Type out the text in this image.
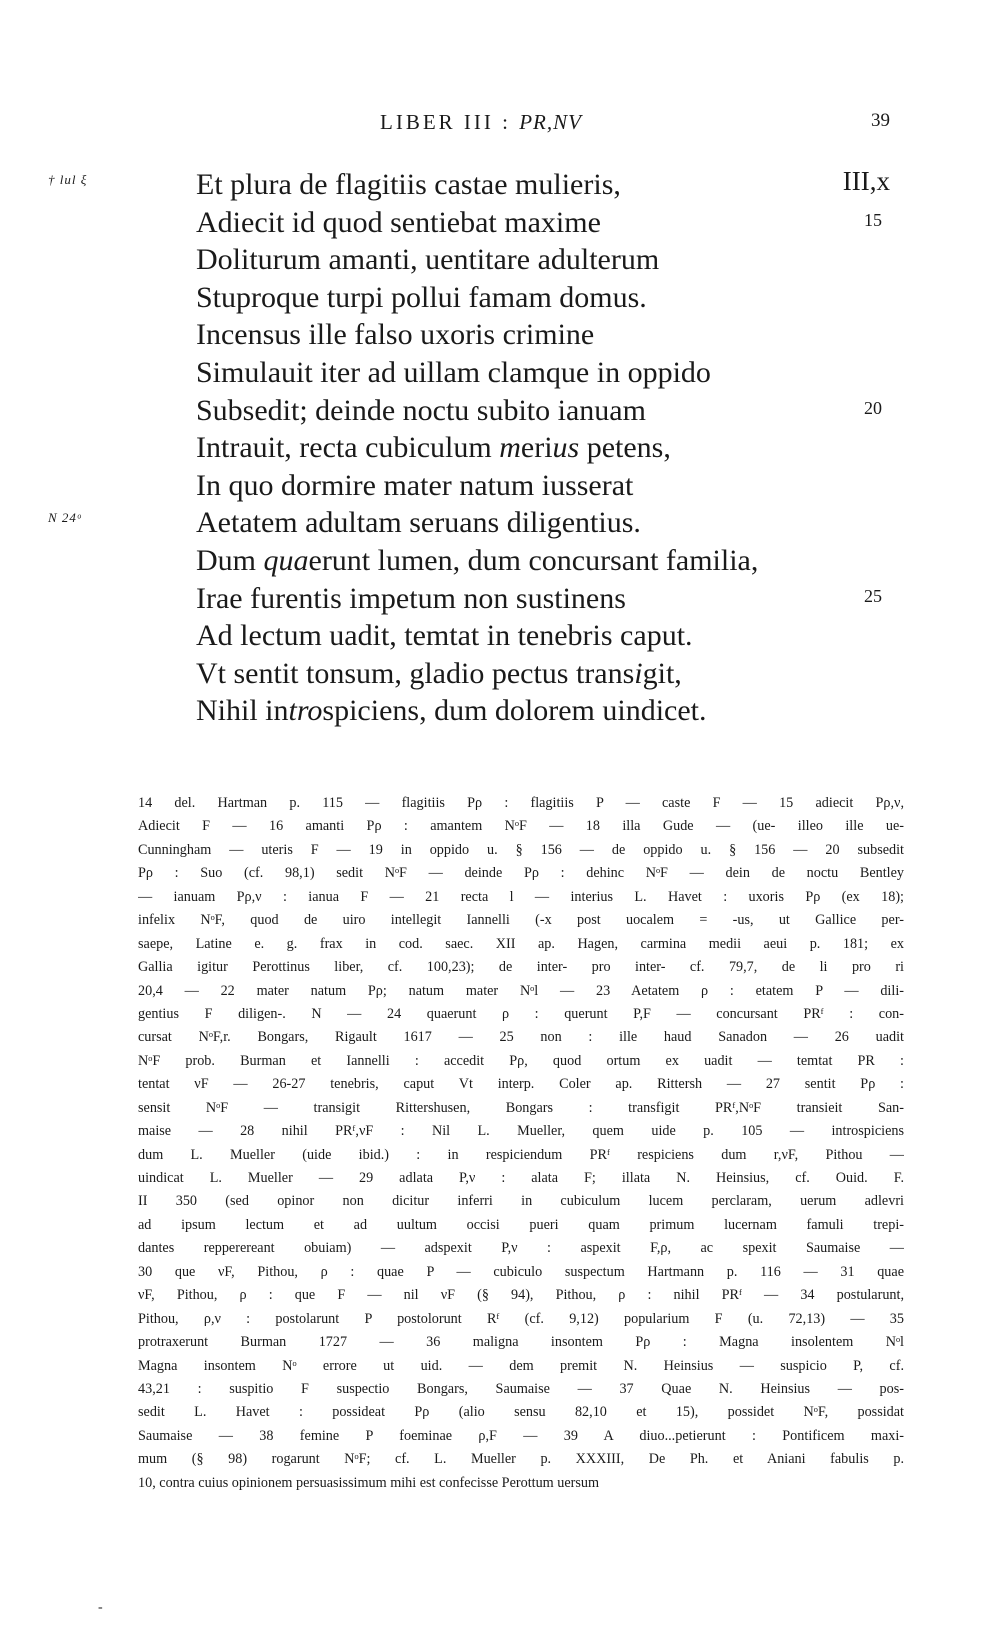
LIBER III : PR,NV	39
† lul ξ	Et plura de flagitiis castae mulieris,	III,x
Adiecit id quod sentiebat maxime	15
Doliturum amanti, uentitare adulterum
Stuproque turpi pollui famam domus.
Incensus ille falso uxoris crimine
Simulauit iter ad uillam clamque in oppido
Subsedit; deinde noctu subito ianuam	20
Intrauit, recta cubiculum merius petens,
In quo dormire mater natum iusserat
N 24ᵒ	Aetatem adultam seruans diligentius.
Dum quaerunt lumen, dum concursant familia,
Irae furentis impetum non sustinens	25
Ad lectum uadit, temtat in tenebris caput.
Vt sentit tonsum, gladio pectus transigit,
Nihil introspiciens, dum dolorem uindicet.
14 del. Hartman p. 115 — flagitiis Pρ : flagitiis P — caste F — 15 adiecit Pρ,ν,
Adiecit F — 16 amanti Pρ : amantem NᵒF — 18 illa Gude — (ue- illeo ille ue-
Cunningham — uteris F — 19 in oppido u. § 156 — de oppido u. § 156 — 20 subsedit
Pρ : Suo (cf. 98,1) sedit NᵒF — deinde Pρ : dehinc NᵒF — dein de noctu Bentley
— ianuam Pρ,ν : ianua F — 21 recta l — interius L. Havet : uxoris Pρ (ex 18);
infelix NᵒF, quod de uiro intellegit Iannelli (-x post uocalem = -us, ut Gallice per-
saepe, Latine e. g. frax in cod. saec. XII ap. Hagen, carmina medii aeui p. 181; ex
Gallia igitur Perottinus liber, cf. 100,23); de inter- pro inter- cf. 79,7, de li pro ri
20,4 — 22 mater natum Pρ; natum mater Nᵒl — 23 Aetatem ρ : etatem P — dili-
gentius F diligen-. N — 24 quaerunt ρ : querunt P,F — concursant PRᶠ : con-
cursat NᵒF,r. Bongars, Rigault 1617 — 25 non : ille haud Sanadon — 26 uadit
NᵒF prob. Burman et Iannelli : accedit Pρ, quod ortum ex uadit — temtat PR :
tentat νF — 26-27 tenebris, caput Vt interp. Coler ap. Rittersh — 27 sentit Pρ :
sensit NᵒF — transigit Rittershusen, Bongars : transfigit PRᶠ,NᵒF transieit San-
maise — 28 nihil PRᶠ,νF : Nil L. Mueller, quem uide p. 105 — introspiciens
dum L. Mueller (uide ibid.) : in respiciendum PRᶠ respiciens dum r,νF, Pithou —
uindicat L. Mueller — 29 adlata P,ν : alata F; illata N. Heinsius, cf. Ouid. F.
II 350 (sed opinor non dicitur inferri in cubiculum lucem perclaram, uerum adlevri
ad ipsum lectum et ad uultum occisi pueri quam primum lucernam famuli trepi-
dantes repperereant obuiam) — adspexit P,ν : aspexit F,ρ, ac spexit Saumaise —
30 que νF, Pithou, ρ : quae P — cubiculo suspectum Hartmann p. 116 — 31 quae
νF, Pithou, ρ : que F — nil νF (§ 94), Pithou, ρ : nihil PRᶠ — 34 postularunt,
Pithou, ρ,ν : postolarunt P postolorunt Rᶠ (cf. 9,12) popularium F (u. 72,13) — 35
protraxerunt Burman 1727 — 36 maligna insontem Pρ : Magna insolentem Nᵒl
Magna insontem Nᵒ errore ut uid. — dem premit N. Heinsius — suspicio P, cf.
43,21 : suspitio F suspectio Bongars, Saumaise — 37 Quae N. Heinsius — pos-
sedit L. Havet : possideat Pρ (alio sensu 82,10 et 15), possidet NᵒF, possidat
Saumaise — 38 femine P foeminae ρ,F — 39 A diuo...petierunt : Pontificem maxi-
mum (§ 98) rogarunt NᵒF; cf. L. Mueller p. XXXIII, De Ph. et Aniani fabulis p.
10, contra cuius opinionem persuasissimum mihi est confecisse Perottum uersum
-
